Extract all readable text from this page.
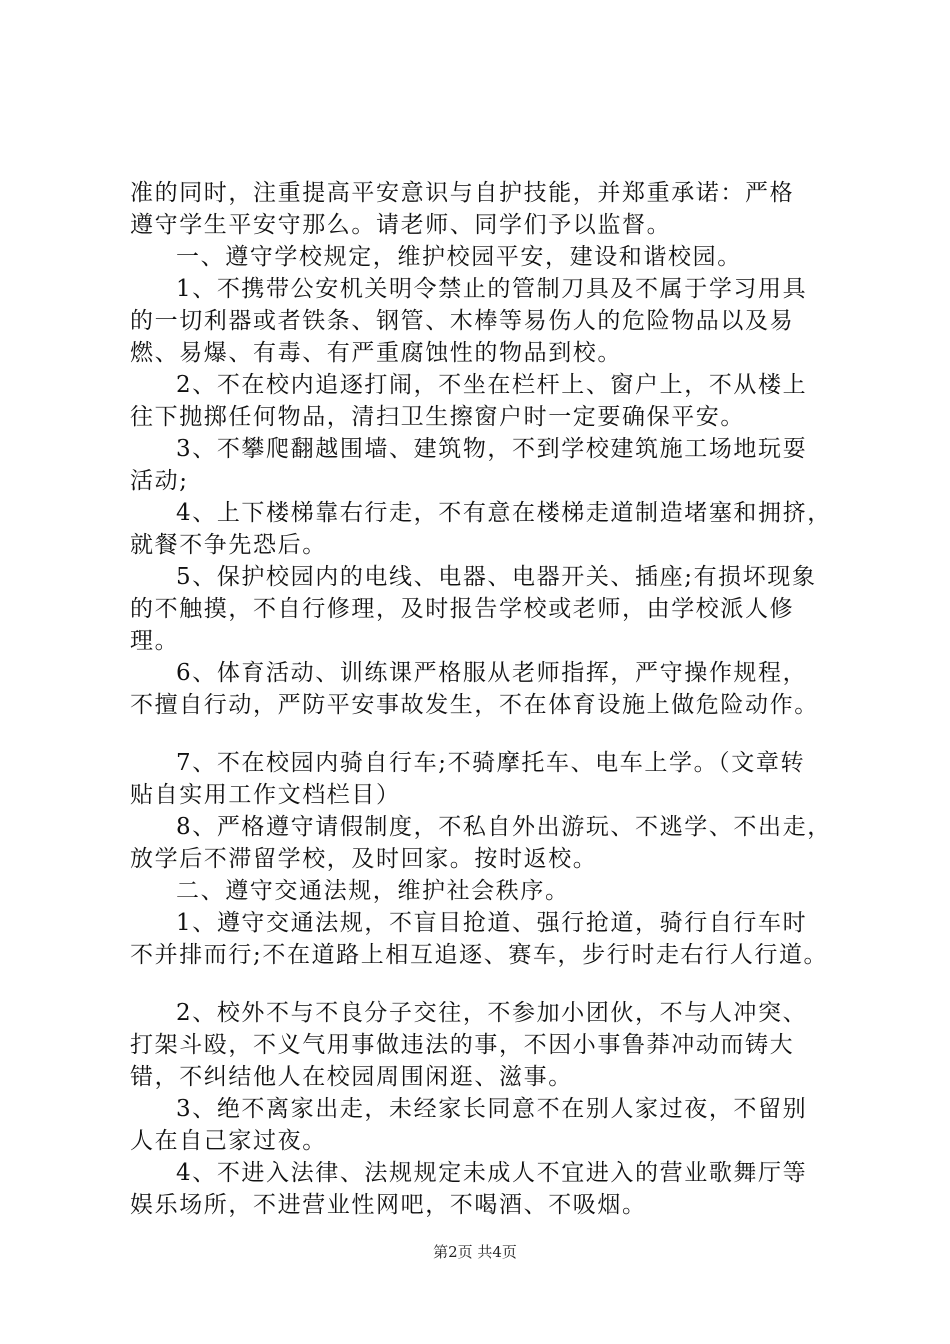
准的同时，注重提高平安意识与自护技能，并郑重承诺：严格
遵守学生平安守那么。请老师、同学们予以监督。
一、遵守学校规定，维护校园平安，建设和谐校园。
1、不携带公安机关明令禁止的管制刀具及不属于学习用具
的一切利器或者铁条、钢管、木棒等易伤人的危险物品以及易
燃、易爆、有毒、有严重腐蚀性的物品到校。
2、不在校内追逐打闹，不坐在栏杆上、窗户上，不从楼上
往下抛掷任何物品，清扫卫生擦窗户时一定要确保平安。
3、不攀爬翻越围墙、建筑物，不到学校建筑施工场地玩耍
活动;
4、上下楼梯靠右行走，不有意在楼梯走道制造堵塞和拥挤，
就餐不争先恐后。
5、保护校园内的电线、电器、电器开关、插座;有损坏现象
的不触摸，不自行修理，及时报告学校或老师，由学校派人修
理。
6、体育活动、训练课严格服从老师指挥，严守操作规程，
不擅自行动，严防平安事故发生，不在体育设施上做危险动作。
7、不在校园内骑自行车;不骑摩托车、电车上学。（文章转
贴自实用工作文档栏目）
8、严格遵守请假制度，不私自外出游玩、不逃学、不出走，
放学后不滞留学校，及时回家。按时返校。
二、遵守交通法规，维护社会秩序。
1、遵守交通法规，不盲目抢道、强行抢道，骑行自行车时
不并排而行;不在道路上相互追逐、赛车，步行时走右行人行道。
2、校外不与不良分子交往，不参加小团伙，不与人冲突、
打架斗殴，不义气用事做违法的事，不因小事鲁莽冲动而铸大
错，不纠结他人在校园周围闲逛、滋事。
3、绝不离家出走，未经家长同意不在别人家过夜，不留别
人在自己家过夜。
4、不进入法律、法规规定未成人不宜进入的营业歌舞厅等
娱乐场所，不进营业性网吧，不喝酒、不吸烟。
第2页 共4页
